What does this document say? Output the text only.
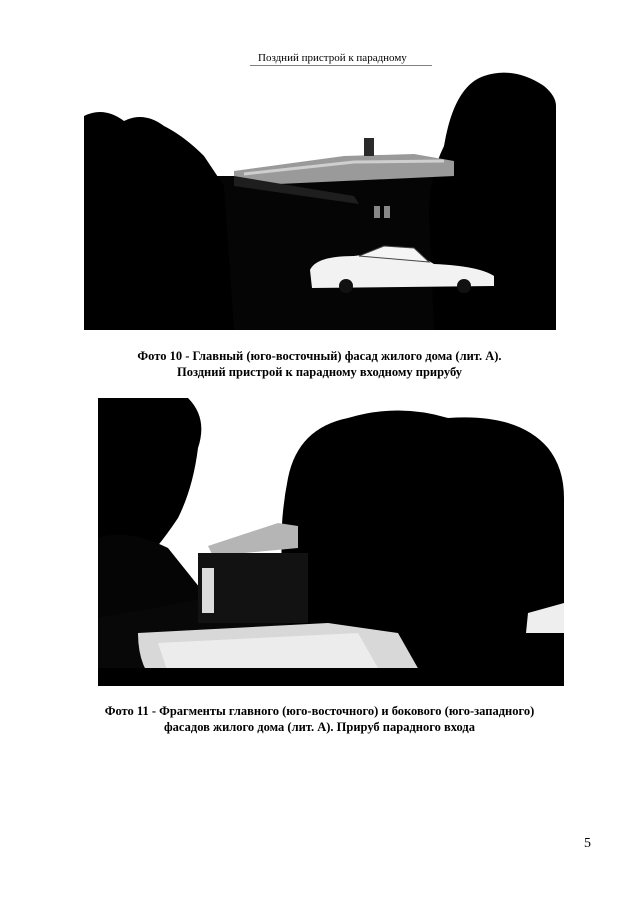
Поздний пристрой к парадному
Фото 10 - Главный (юго-восточный) фасад жилого дома (лит. А).
Поздний пристрой к парадному входному прирубу
Фото 11 - Фрагменты главного (юго-восточного) и бокового (юго-западного)
фасадов жилого дома (лит. А). Прируб парадного входа
5
